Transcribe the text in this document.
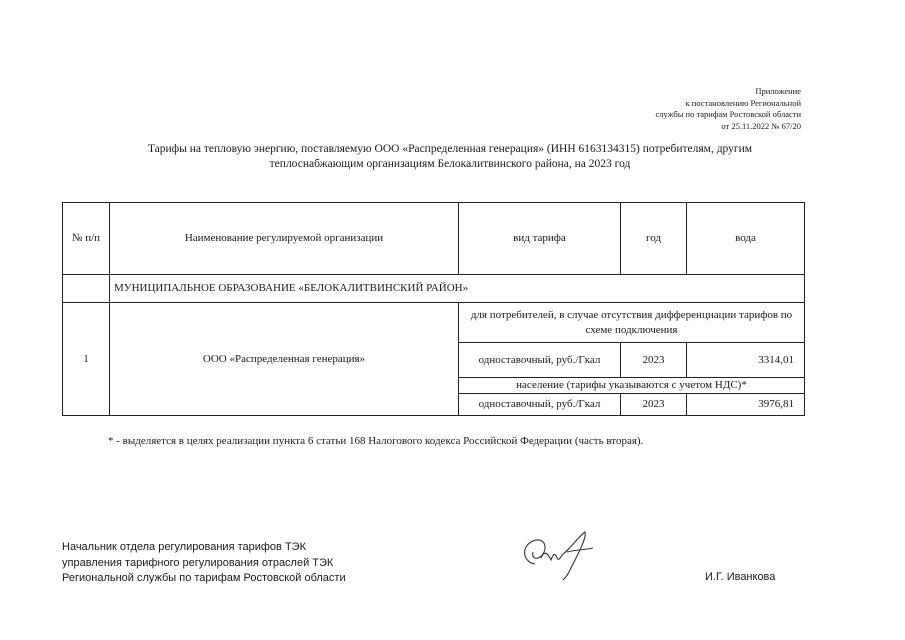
Приложение
к постановлению Региональной
службы по тарифам Ростовской области
от 25.11.2022 № 67/20
Тарифы на тепловую энергию, поставляемую ООО «Распределенная генерация» (ИНН 6163134315) потребителям, другим
теплоснабжающим организациям Белокалитвинского района, на 2023 год
№ п/п	Наименование регулируемой организации	вид тарифа	год	вода
	МУНИЦИПАЛЬНОЕ ОБРАЗОВАНИЕ «БЕЛОКАЛИТВИНСКИЙ РАЙОН»			
1	ООО «Распределенная генерация»	для потребителей, в случае отсутствия дифференциации тарифов по схеме подключения		
		одноставочный, руб./Гкал	2023	3314,01
		население (тарифы указываются с учетом НДС)*		
		одноставочный, руб./Гкал	2023	3976,81
* - выделяется в целях реализации пункта 6 статьи 168 Налогового кодекса Российской Федерации (часть вторая).
Начальник отдела регулирования тарифов ТЭК
управления тарифного регулирования отраслей ТЭК
Региональной службы по тарифам Ростовской области	И.Г. Иванкова
